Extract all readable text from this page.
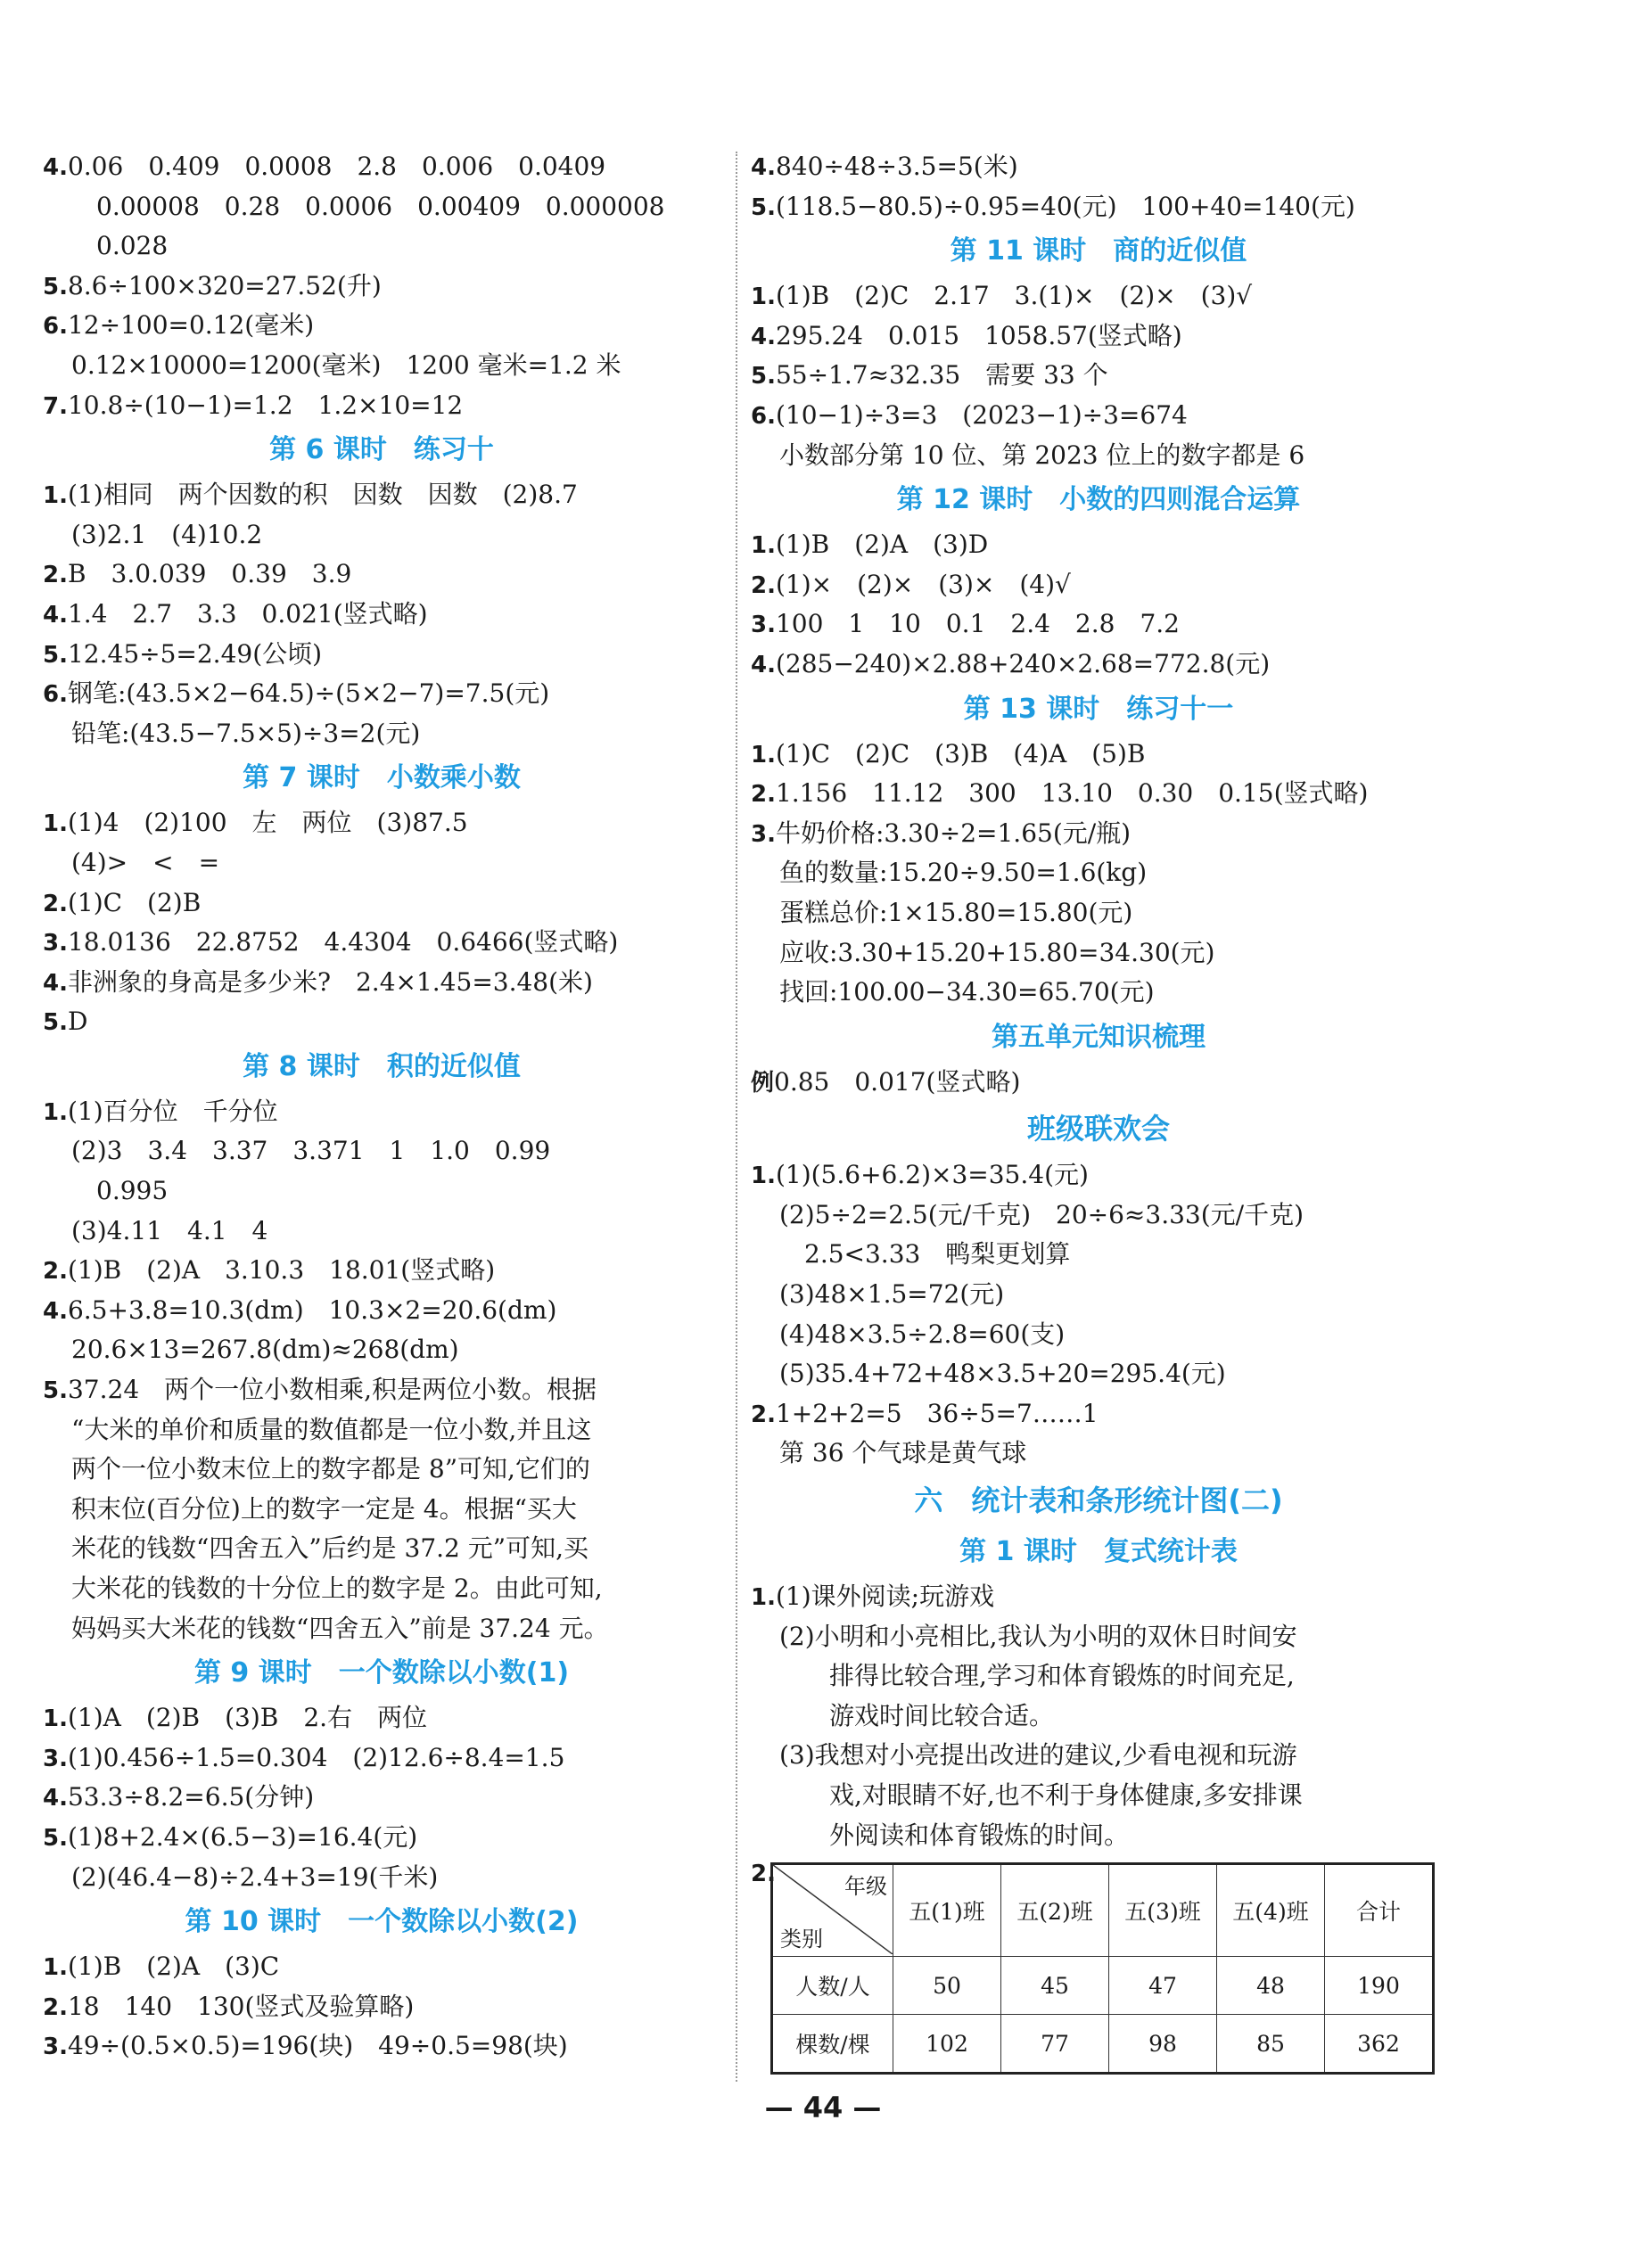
4.0.06　0.409　0.0008　2.8　0.006　0.0409
0.00008　0.28　0.0006　0.00409　0.000008
0.028
5.8.6÷100×320=27.52(升)
6.12÷100=0.12(毫米)
0.12×10000=1200(毫米)　1200 毫米=1.2 米
7.10.8÷(10−1)=1.2　1.2×10=12
第 6 课时　练习十
1.(1)相同　两个因数的积　因数　因数　(2)8.7
(3)2.1　(4)10.2
2.B　3.0.039　0.39　3.9
4.1.4　2.7　3.3　0.021(竖式略)
5.12.45÷5=2.49(公顷)
6.钢笔:(43.5×2−64.5)÷(5×2−7)=7.5(元)
铅笔:(43.5−7.5×5)÷3=2(元)
第 7 课时　小数乘小数
1.(1)4　(2)100　左　两位　(3)87.5
(4)>　<　=
2.(1)C　(2)B
3.18.0136　22.8752　4.4304　0.6466(竖式略)
4.非洲象的身高是多少米?　2.4×1.45=3.48(米)
5.D
第 8 课时　积的近似值
1.(1)百分位　千分位
(2)3　3.4　3.37　3.371　1　1.0　0.99
0.995
(3)4.11　4.1　4
2.(1)B　(2)A　3.10.3　18.01(竖式略)
4.6.5+3.8=10.3(dm)　10.3×2=20.6(dm)
20.6×13=267.8(dm)≈268(dm)
5.37.24　两个一位小数相乘,积是两位小数。根据
“大米的单价和质量的数值都是一位小数,并且这
两个一位小数末位上的数字都是 8”可知,它们的
积末位(百分位)上的数字一定是 4。根据“买大
米花的钱数“四舍五入”后约是 37.2 元”可知,买
大米花的钱数的十分位上的数字是 2。由此可知,
妈妈买大米花的钱数“四舍五入”前是 37.24 元。
第 9 课时　一个数除以小数(1)
1.(1)A　(2)B　(3)B　2.右　两位
3.(1)0.456÷1.5=0.304　(2)12.6÷8.4=1.5
4.53.3÷8.2=6.5(分钟)
5.(1)8+2.4×(6.5−3)=16.4(元)
(2)(46.4−8)÷2.4+3=19(千米)
第 10 课时　一个数除以小数(2)
1.(1)B　(2)A　(3)C
2.18　140　130(竖式及验算略)
3.49÷(0.5×0.5)=196(块)　49÷0.5=98(块)
4.840÷48÷3.5=5(米)
5.(118.5−80.5)÷0.95=40(元)　100+40=140(元)
第 11 课时　商的近似值
1.(1)B　(2)C　2.17　3.(1)×　(2)×　(3)√
4.295.24　0.015　1058.57(竖式略)
5.55÷1.7≈32.35　需要 33 个
6.(10−1)÷3=3　(2023−1)÷3=674
小数部分第 10 位、第 2023 位上的数字都是 6
第 12 课时　小数的四则混合运算
1.(1)B　(2)A　(3)D
2.(1)×　(2)×　(3)×　(4)√
3.100　1　10　0.1　2.4　2.8　7.2
4.(285−240)×2.88+240×2.68=772.8(元)
第 13 课时　练习十一
1.(1)C　(2)C　(3)B　(4)A　(5)B
2.1.156　11.12　300　13.10　0.30　0.15(竖式略)
3.牛奶价格:3.30÷2=1.65(元/瓶)
鱼的数量:15.20÷9.50=1.6(kg)
蛋糕总价:1×15.80=15.80(元)
应收:3.30+15.20+15.80=34.30(元)
找回:100.00−34.30=65.70(元)
第五单元知识梳理
例0.85　0.017(竖式略)
班级联欢会
1.(1)(5.6+6.2)×3=35.4(元)
(2)5÷2=2.5(元/千克)　20÷6≈3.33(元/千克)
2.5<3.33　鸭梨更划算
(3)48×1.5=72(元)
(4)48×3.5÷2.8=60(支)
(5)35.4+72+48×3.5+20=295.4(元)
2.1+2+2=5　36÷5=7……1
第 36 个气球是黄气球
六　统计表和条形统计图(二)
第 1 课时　复式统计表
1.(1)课外阅读;玩游戏
(2)小明和小亮相比,我认为小明的双休日时间安
排得比较合理,学习和体育锻炼的时间充足,
游戏时间比较合适。
(3)我想对小亮提出改进的建议,少看电视和玩游
戏,对眼睛不好,也不利于身体健康,多安排课
外阅读和体育锻炼的时间。
2.	年级
类别	五(1)班	五(2)班	五(3)班	五(4)班	合计
人数/人	50	45	47	48	190
棵数/棵	102	77	98	85	362
— 44 —
